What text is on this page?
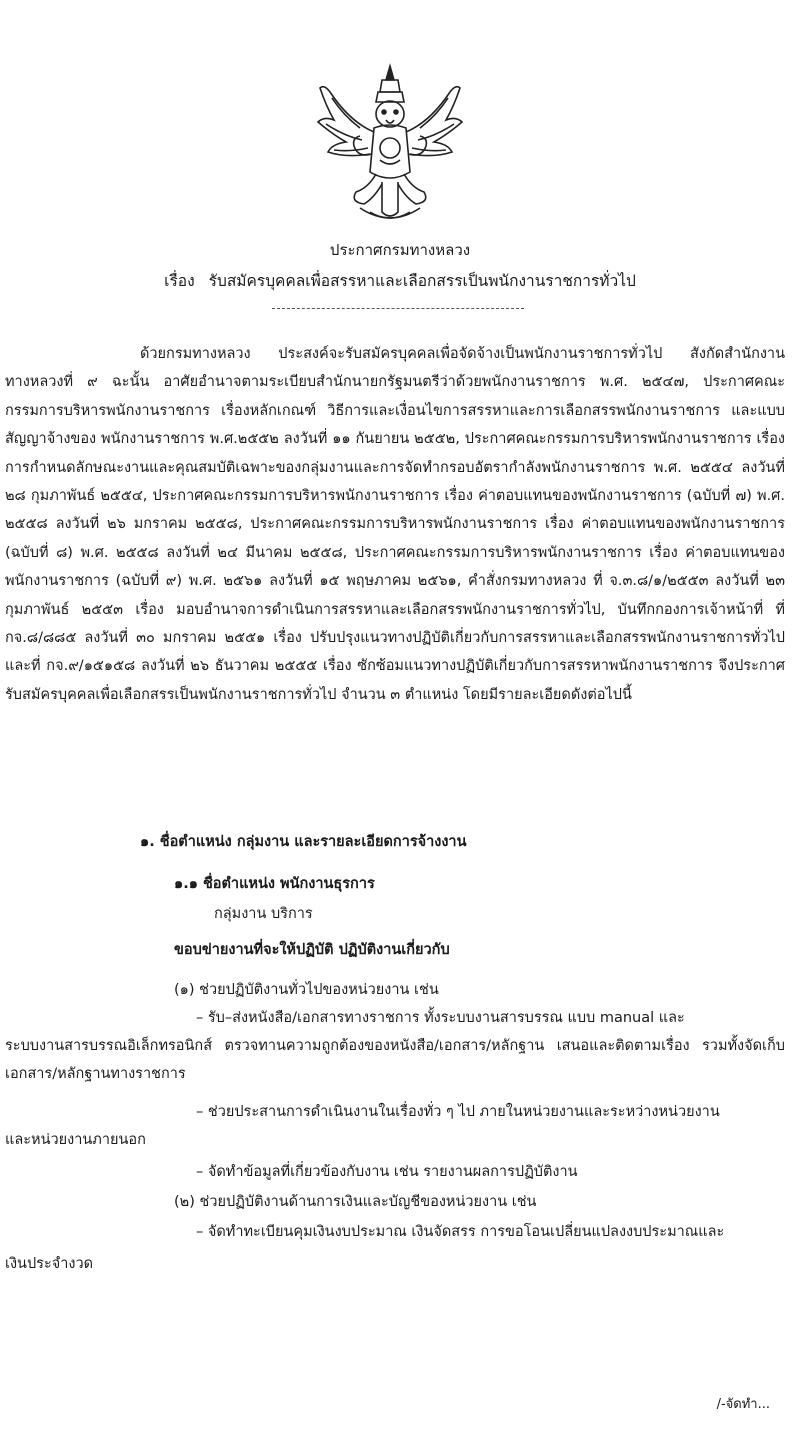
ประกาศกรมทางหลวง
เรื่อง รับสมัครบุคคลเพื่อสรรหาและเลือกสรรเป็นพนักงานราชการทั่วไป
ด้วยกรมทางหลวง ประสงค์จะรับสมัครบุคคลเพื่อจัดจ้างเป็นพนักงานราชการทั่วไป สังกัดสำนักงานทางหลวงที่ ๙ ฉะนั้น อาศัยอำนาจตามระเบียบสำนักนายกรัฐมนตรีว่าด้วยพนักงานราชการ พ.ศ. ๒๕๔๗, ประกาศคณะกรรมการบริหารพนักงานราชการ เรื่องหลักเกณฑ์ วิธีการและเงื่อนไขการสรรหาและการเลือกสรรพนักงานราชการ และแบบสัญญาจ้างของ พนักงานราชการ พ.ศ.๒๕๕๒ ลงวันที่ ๑๑ กันยายน ๒๕๕๒, ประกาศคณะกรรมการบริหารพนักงานราชการ เรื่อง การกำหนดลักษณะงานและคุณสมบัติเฉพาะของกลุ่มงานและการจัดทำกรอบอัตรากำลังพนักงานราชการ พ.ศ. ๒๕๕๔ ลงวันที่ ๒๘ กุมภาพันธ์ ๒๕๕๔, ประกาศคณะกรรมการบริหารพนักงานราชการ เรื่อง ค่าตอบแทนของพนักงานราชการ (ฉบับที่ ๗) พ.ศ. ๒๕๕๘ ลงวันที่ ๒๖ มกราคม ๒๕๕๘, ประกาศคณะกรรมการบริหารพนักงานราชการ เรื่อง ค่าตอบแทนของพนักงานราชการ (ฉบับที่ ๘) พ.ศ. ๒๕๕๘ ลงวันที่ ๒๔ มีนาคม ๒๕๕๘, ประกาศคณะกรรมการบริหารพนักงานราชการ เรื่อง ค่าตอบแทนของพนักงานราชการ (ฉบับที่ ๙) พ.ศ. ๒๕๖๑ ลงวันที่ ๑๕ พฤษภาคม ๒๕๖๑, คำสั่งกรมทางหลวง ที่ จ.๓.๘/๑/๒๕๕๓ ลงวันที่ ๒๓ กุมภาพันธ์ ๒๕๕๓ เรื่อง มอบอำนาจการดำเนินการสรรหาและเลือกสรรพนักงานราชการทั่วไป, บันทึกกองการเจ้าหน้าที่ ที่ กจ.๘/๘๘๕ ลงวันที่ ๓๐ มกราคม ๒๕๕๑ เรื่อง ปรับปรุงแนวทางปฏิบัติเกี่ยวกับการสรรหาและเลือกสรรพนักงานราชการทั่วไป และที่ กจ.๙/๑๕๑๕๘ ลงวันที่ ๒๖ ธันวาคม ๒๕๕๕ เรื่อง ซักซ้อมแนวทางปฏิบัติเกี่ยวกับการสรรหาพนักงานราชการ จึงประกาศรับสมัครบุคคลเพื่อเลือกสรรเป็นพนักงานราชการทั่วไป จำนวน ๓ ตำแหน่ง โดยมีรายละเอียดดังต่อไปนี้
๑. ชื่อตำแหน่ง กลุ่มงาน และรายละเอียดการจ้างงาน
๑.๑ ชื่อตำแหน่ง พนักงานธุรการ
กลุ่มงาน บริการ
ขอบข่ายงานที่จะให้ปฏิบัติ ปฏิบัติงานเกี่ยวกับ
(๑) ช่วยปฏิบัติงานทั่วไปของหน่วยงาน เช่น
– รับ–ส่งหนังสือ/เอกสารทางราชการ ทั้งระบบงานสารบรรณ แบบ manual และ
ระบบงานสารบรรณอิเล็กทรอนิกส์ ตรวจทานความถูกต้องของหนังสือ/เอกสาร/หลักฐาน เสนอและติดตามเรื่อง รวมทั้งจัดเก็บเอกสาร/หลักฐานทางราชการ
– ช่วยประสานการดำเนินงานในเรื่องทั่ว ๆ ไป ภายในหน่วยงานและระหว่างหน่วยงาน
และหน่วยงานภายนอก
– จัดทำข้อมูลที่เกี่ยวข้องกับงาน เช่น รายงานผลการปฏิบัติงาน
(๒) ช่วยปฏิบัติงานด้านการเงินและบัญชีของหน่วยงาน เช่น
– จัดทำทะเบียนคุมเงินงบประมาณ เงินจัดสรร การขอโอนเปลี่ยนแปลงงบประมาณและ
เงินประจำงวด
/-จัดทำ...
